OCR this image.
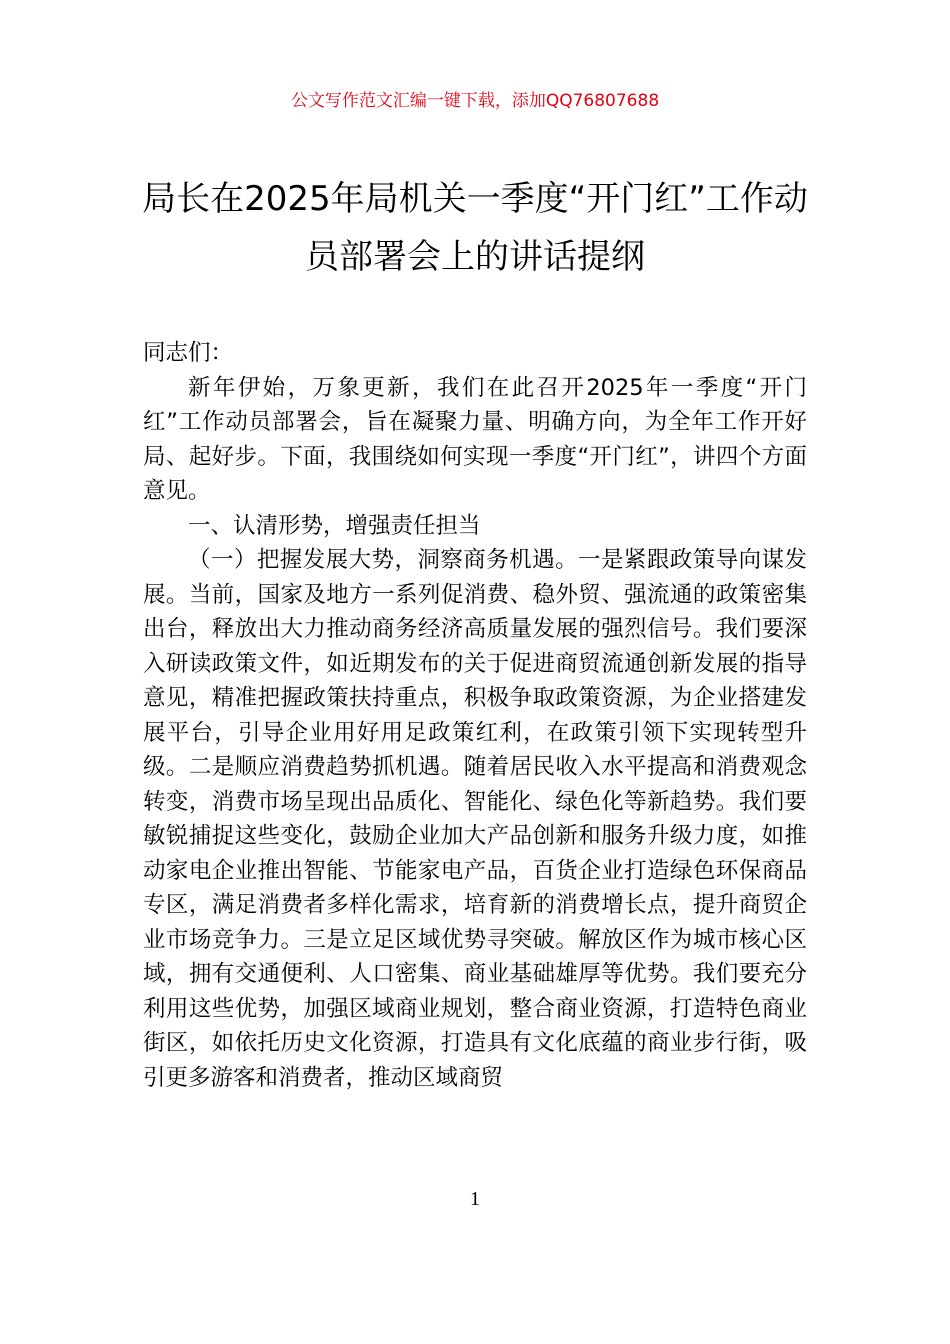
公文写作范文汇编一键下载，添加QQ76807688
局长在2025年局机关一季度“开门红”工作动员部署会上的讲话提纲

同志们：

新年伊始，万象更新，我们在此召开2025年一季度“开门红”工作动员部署会，旨在凝聚力量、明确方向，为全年工作开好局、起好步。下面，我围绕如何实现一季度“开门红”，讲四个方面意见。

一、认清形势，增强责任担当

（一）把握发展大势，洞察商务机遇。一是紧跟政策导向谋发展。当前，国家及地方一系列促消费、稳外贸、强流通的政策密集出台，释放出大力推动商务经济高质量发展的强烈信号。我们要深入研读政策文件，如近期发布的关于促进商贸流通创新发展的指导意见，精准把握政策扶持重点，积极争取政策资源，为企业搭建发展平台，引导企业用好用足政策红利，在政策引领下实现转型升级。二是顺应消费趋势抓机遇。随着居民收入水平提高和消费观念转变，消费市场呈现出品质化、智能化、绿色化等新趋势。我们要敏锐捕捉这些变化，鼓励企业加大产品创新和服务升级力度，如推动家电企业推出智能、节能家电产品，百货企业打造绿色环保商品专区，满足消费者多样化需求，培育新的消费增长点，提升商贸企业市场竞争力。三是立足区域优势寻突破。解放区作为城市核心区域，拥有交通便利、人口密集、商业基础雄厚等优势。我们要充分利用这些优势，加强区域商业规划，整合商业资源，打造特色商业街区，如依托历史文化资源，打造具有文化底蕴的商业步行街，吸引更多游客和消费者，推动区域商贸

1
